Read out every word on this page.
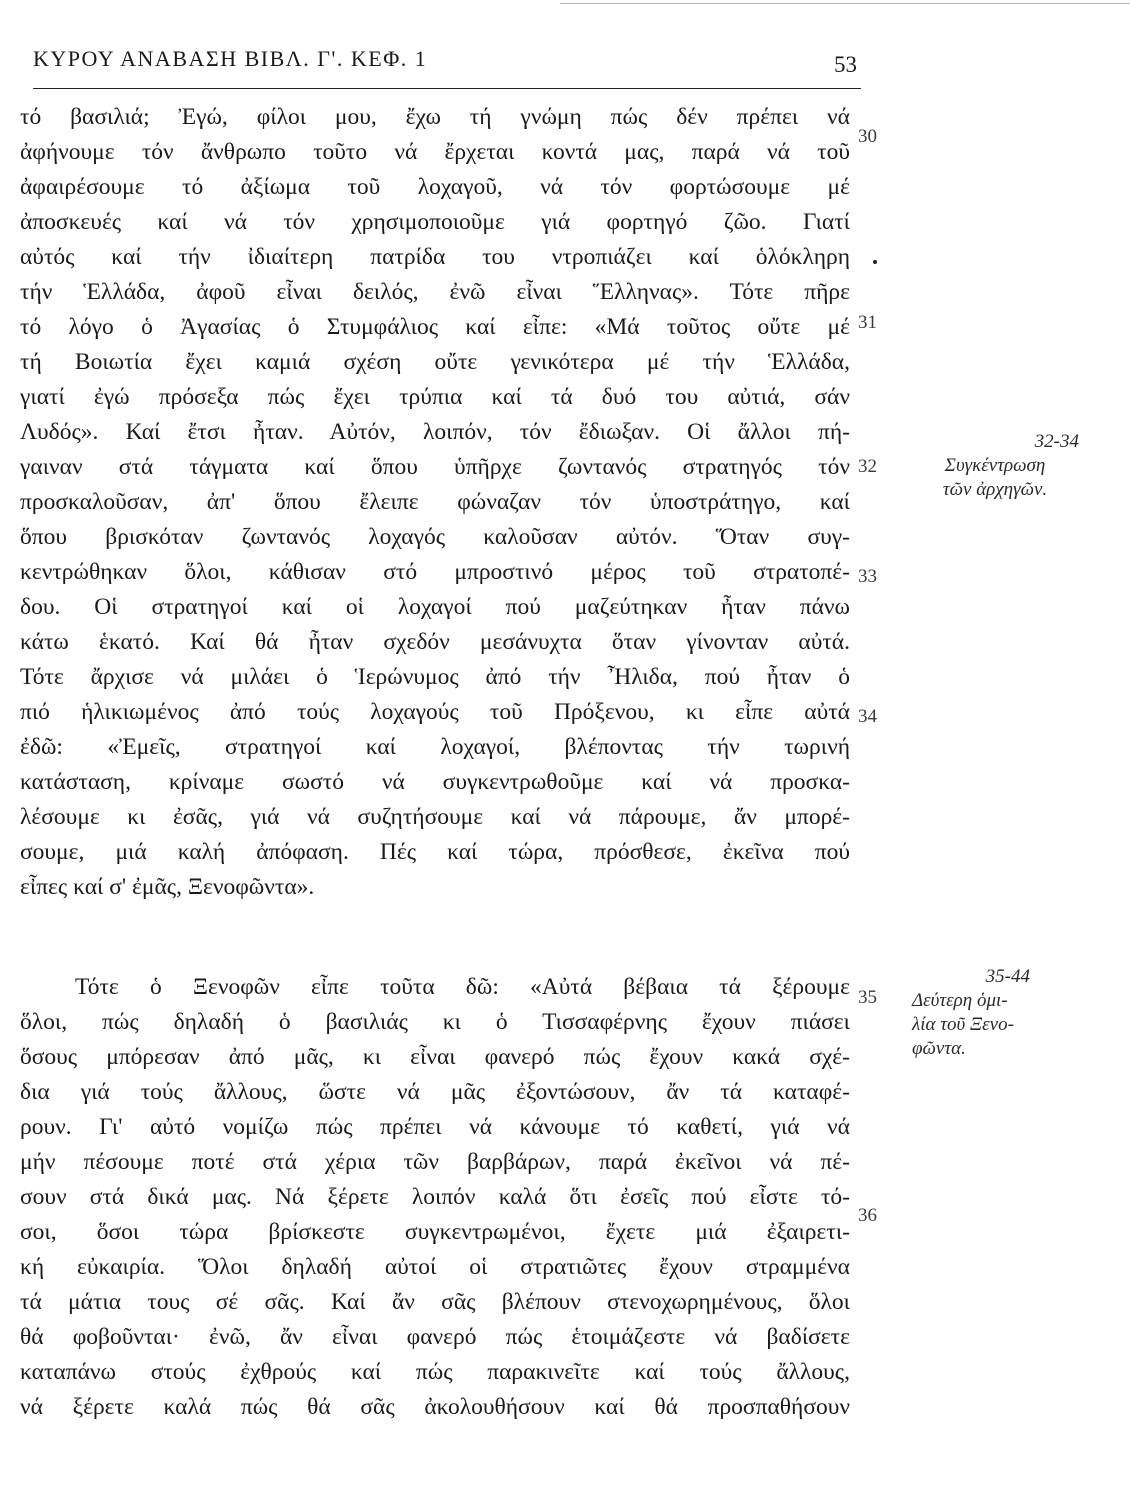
ΚΥΡΟΥ ΑΝΑΒΑΣΗ ΒΙΒΛ. Γ'. ΚΕΦ. 1	53
τό βασιλιά; Ἐγώ, φίλοι μου, ἔχω τή γνώμη πώς δέν πρέπει νά
ἀφήνουμε τόν ἄνθρωπο τοῦτο νά ἔρχεται κοντά μας, παρά νά τοῦ
ἀφαιρέσουμε τό ἀξίωμα τοῦ λοχαγοῦ, νά τόν φορτώσουμε μέ
ἀποσκευές καί νά τόν χρησιμοποιοῦμε γιά φορτηγό ζῶο. Γιατί
αὐτός καί τήν ἰδιαίτερη πατρίδα του ντροπιάζει καί ὁλόκληρη
τήν Ἑλλάδα, ἀφοῦ εἶναι δειλός, ἐνῶ εἶναι Ἕλληνας». Τότε πῆρε
τό λόγο ὁ Ἀγασίας ὁ Στυμφάλιος καί εἶπε: «Μά τοῦτος οὔτε μέ
τή Βοιωτία ἔχει καμιά σχέση οὔτε γενικότερα μέ τήν Ἑλλάδα,
γιατί ἐγώ πρόσεξα πώς ἔχει τρύπια καί τά δυό του αὐτιά, σάν
Λυδός». Καί ἔτσι ἦταν. Αὐτόν, λοιπόν, τόν ἔδιωξαν. Οἱ ἄλλοι πή-
γαιναν στά τάγματα καί ὅπου ὑπῆρχε ζωντανός στρατηγός τόν
προσκαλοῦσαν, ἀπ' ὅπου ἔλειπε φώναζαν τόν ὑποστράτηγο, καί
ὅπου βρισκόταν ζωντανός λοχαγός καλοῦσαν αὐτόν. Ὅταν συγ-
κεντρώθηκαν ὅλοι, κάθισαν στό μπροστινό μέρος τοῦ στρατοπέ-
δου. Οἱ στρατηγοί καί οἱ λοχαγοί πού μαζεύτηκαν ἦταν πάνω
κάτω ἑκατό. Καί θά ἦταν σχεδόν μεσάνυχτα ὅταν γίνονταν αὐτά.
Τότε ἄρχισε νά μιλάει ὁ Ἱερώνυμος ἀπό τήν Ἦλιδα, πού ἦταν ὁ
πιό ἡλικιωμένος ἀπό τούς λοχαγούς τοῦ Πρόξενου, κι εἶπε αὐτά
ἐδῶ: «Ἐμεῖς, στρατηγοί καί λοχαγοί, βλέποντας τήν τωρινή
κατάσταση, κρίναμε σωστό νά συγκεντρωθοῦμε καί νά προσκα-
λέσουμε κι ἐσᾶς, γιά νά συζητήσουμε καί νά πάρουμε, ἄν μπορέ-
σουμε, μιά καλή ἀπόφαση. Πές καί τώρα, πρόσθεσε, ἐκεῖνα πού
εἶπες καί σ' ἐμᾶς, Ξενοφῶντα».
Τότε ὁ Ξενοφῶν εἶπε τοῦτα δῶ: «Αὐτά βέβαια τά ξέρουμε
ὅλοι, πώς δηλαδή ὁ βασιλιάς κι ὁ Τισσαφέρνης ἔχουν πιάσει
ὅσους μπόρεσαν ἀπό μᾶς, κι εἶναι φανερό πώς ἔχουν κακά σχέ-
δια γιά τούς ἄλλους, ὥστε νά μᾶς ἐξοντώσουν, ἄν τά καταφέ-
ρουν. Γι' αὐτό νομίζω πώς πρέπει νά κάνουμε τό καθετί, γιά νά
μήν πέσουμε ποτέ στά χέρια τῶν βαρβάρων, παρά ἐκεῖνοι νά πέ-
σουν στά δικά μας. Νά ξέρετε λοιπόν καλά ὅτι ἐσεῖς πού εἶστε τό-
σοι, ὅσοι τώρα βρίσκεστε συγκεντρωμένοι, ἔχετε μιά ἐξαιρετι-
κή εὐκαιρία. Ὅλοι δηλαδή αὐτοί οἱ στρατιῶτες ἔχουν στραμμένα
τά μάτια τους σέ σᾶς. Καί ἄν σᾶς βλέπουν στενοχωρημένους, ὅλοι
θά φοβοῦνται· ἐνῶ, ἄν εἶναι φανερό πώς ἑτοιμάζεστε νά βαδίσετε
καταπάνω στούς ἐχθρούς καί πώς παρακινεῖτε καί τούς ἄλλους,
νά ξέρετε καλά πώς θά σᾶς ἀκολουθήσουν καί θά προσπαθήσουν
30
31
32
33
34
35
36
32-34
Συγκέντρωση
τῶν ἀρχηγῶν.
35-44
Δεύτερη ὁμι-
λία τοῦ Ξενο-
φῶντα.
